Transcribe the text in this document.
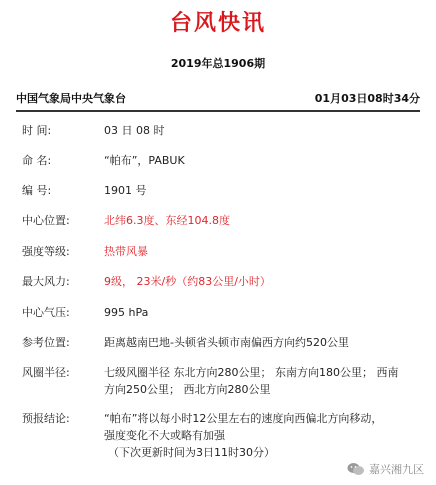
台风快讯
2019年总1906期
中国气象局中央气象台	01月03日08时34分
时 间:	03 日 08 时
命 名:	“帕布”，PABUK
编 号:	1901 号
中心位置:	北纬6.3度、东经104.8度
强度等级:	热带风暴
最大风力:	9级， 23米/秒（约83公里/小时）
中心气压:	995 hPa
参考位置:	距离越南巴地-头顿省头顿市南偏西方向约520公里
风圈半径:	七级风圈半径 东北方向280公里； 东南方向180公里； 西南
方向250公里； 西北方向280公里
预报结论:	“帕布”将以每小时12公里左右的速度向西偏北方向移动，
强度变化不大或略有加强
（下次更新时间为3日11时30分）
嘉兴湘九区
